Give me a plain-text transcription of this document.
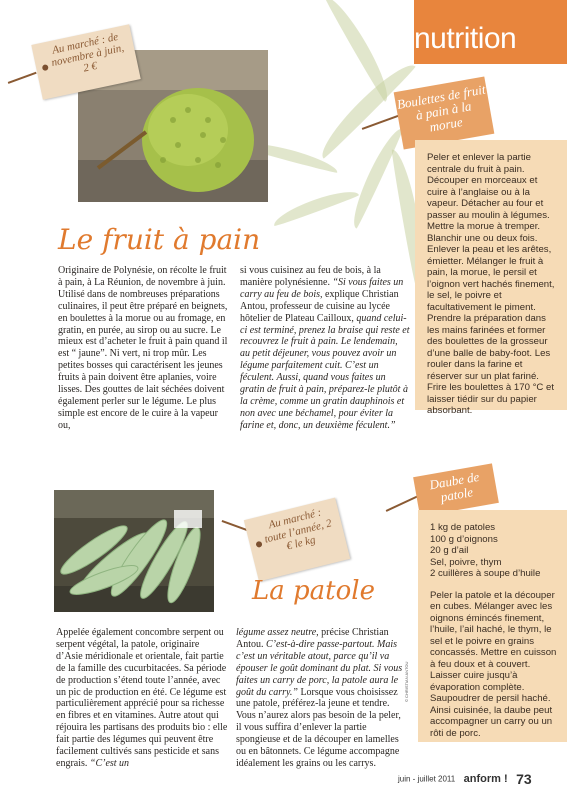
nutrition
Au marché : de novembre à juin, 2 €
Le fruit à pain

Originaire de Polynésie, on récolte le fruit à pain, à La Réunion, de novembre à juin. Utilisé dans de nombreuses préparations culinaires, il peut être préparé en beignets, en boulettes à la morue ou au fromage, en gratin, en purée, au sirop ou au sucre. Le mieux est d’acheter le fruit à pain quand il est “ jaune”. Ni vert, ni trop mûr. Les petites bosses qui caractérisent les jeunes fruits à pain doivent être aplanies, voire lisses. Des gouttes de lait séchées doivent également perler sur le légume. Le plus simple est encore de le cuire à la vapeur ou,

si vous cuisinez au feu de bois, à la manière polynésienne. “Si vous faites un carry au feu de bois, explique Christian Antou, professeur de cuisine au lycée hôtelier de Plateau Cailloux, quand celui-ci est terminé, prenez la braise qui reste et recouvrez le fruit à pain. Le lendemain, au petit déjeuner, vous pouvez avoir un légume parfaitement cuit. C’est un féculent. Aussi, quand vous faites un gratin de fruit à pain, préparez-le plutôt à la crème, comme un gratin dauphinois et non avec une béchamel, pour éviter la farine et, donc, un deuxième féculent.”

Boulettes de fruit à pain à la morue

Peler et enlever la partie centrale du fruit à pain. Découper en morceaux et cuire à l’anglaise ou à la vapeur. Détacher au four et passer au moulin à légumes. Mettre la morue à tremper. Blanchir une ou deux fois. Enlever la peau et les arêtes, émietter. Mélanger le fruit à pain, la morue, le persil et l’oignon vert hachés finement, le sel, le poivre et facultativement le piment. Prendre la préparation dans les mains farinées et former des boulettes de la grosseur d’une balle de baby-foot. Les rouler dans la farine et réserver sur un plat fariné. Frire les boulettes à 170 °C et laisser tiédir sur du papier absorbant.

Au marché : toute l’année, 2 € le kg
La patole

Appelée également concombre serpent ou serpent végétal, la patole, originaire d’Asie méridionale et orientale, fait partie de la famille des cucurbitacées. Sa période de production s’étend toute l’année, avec un pic de production en été. Ce légume est particulièrement apprécié pour sa richesse en fibres et en vitamines. Autre atout qui réjouira les partisans des produits bio : elle fait partie des légumes qui peuvent être facilement cultivés sans pesticide et sans engrais. “C’est un

légume assez neutre, précise Christian Antou. C’est-à-dire passe-partout. Mais c’est un véritable atout, parce qu’il va épouser le goût dominant du plat. Si vous faites un carry de porc, la patole aura le goût du carry.” Lorsque vous choisissez une patole, préférez-la jeune et tendre. Vous n’aurez alors pas besoin de la peler, il vous suffira d’enlever la partie spongieuse et de la découper en lamelles ou en bâtonnets. Ce légume accompagne idéalement les grains ou les carrys.

© CHRISTIAN ANTOU
Daube de patole

1 kg de patoles

100 g d’oignons

20 g d’ail

Sel, poivre, thym

2 cuillères à soupe d’huile

Peler la patole et la découper en cubes. Mélanger avec les oignons émincés finement, l’huile, l’ail haché, le thym, le sel et le poivre en grains concassés. Mettre en cuisson à feu doux et à couvert. Laisser cuire jusqu’à évaporation complète. Saupoudrer de persil haché. Ainsi cuisinée, la daube peut accompagner un carry ou un rôti de porc.

juin - juillet 2011 anform ! 73
